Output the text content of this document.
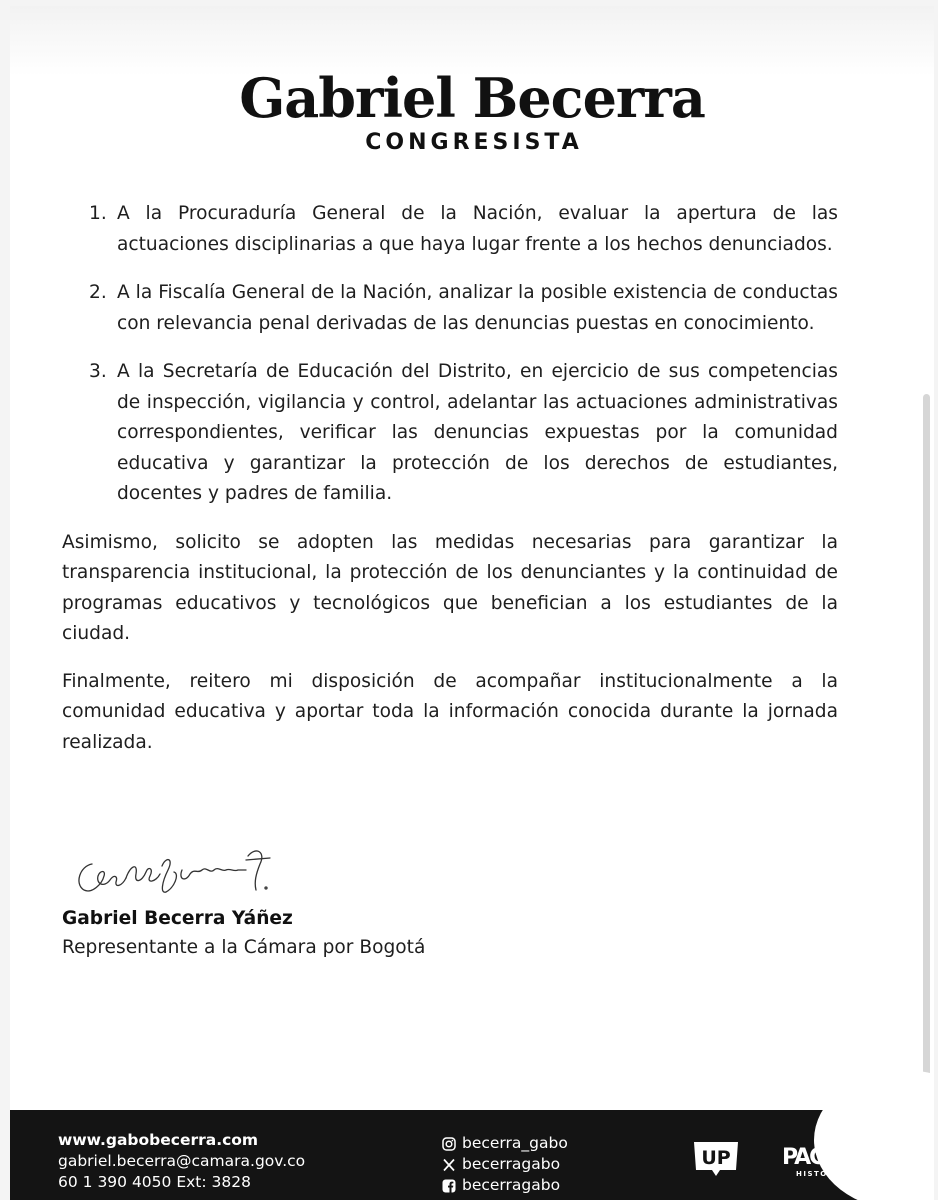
Gabriel Becerra
CONGRESISTA
1. A la Procuraduría General de la Nación, evaluar la apertura de las actuaciones disciplinarias a que haya lugar frente a los hechos denunciados.
2. A la Fiscalía General de la Nación, analizar la posible existencia de conductas con relevancia penal derivadas de las denuncias puestas en conocimiento.
3. A la Secretaría de Educación del Distrito, en ejercicio de sus competencias de inspección, vigilancia y control, adelantar las actuaciones administrativas correspondientes, verificar las denuncias expuestas por la comunidad educativa y garantizar la protección de los derechos de estudiantes, docentes y padres de familia.

Asimismo, solicito se adopten las medidas necesarias para garantizar la transparencia institucional, la protección de los denunciantes y la continuidad de programas educativos y tecnológicos que benefician a los estudiantes de la ciudad.

Finalmente, reitero mi disposición de acompañar institucionalmente a la comunidad educativa y aportar toda la información conocida durante la jornada realizada.

Gabriel Becerra Yáñez
Representante a la Cámara por Bogotá
www.gabobecerra.com
gabriel.becerra@camara.gov.co
60 1 390 4050 Ext: 3828
becerra_gabo
becerragabo
becerragabo
UP PACTO
HISTÓRICO
